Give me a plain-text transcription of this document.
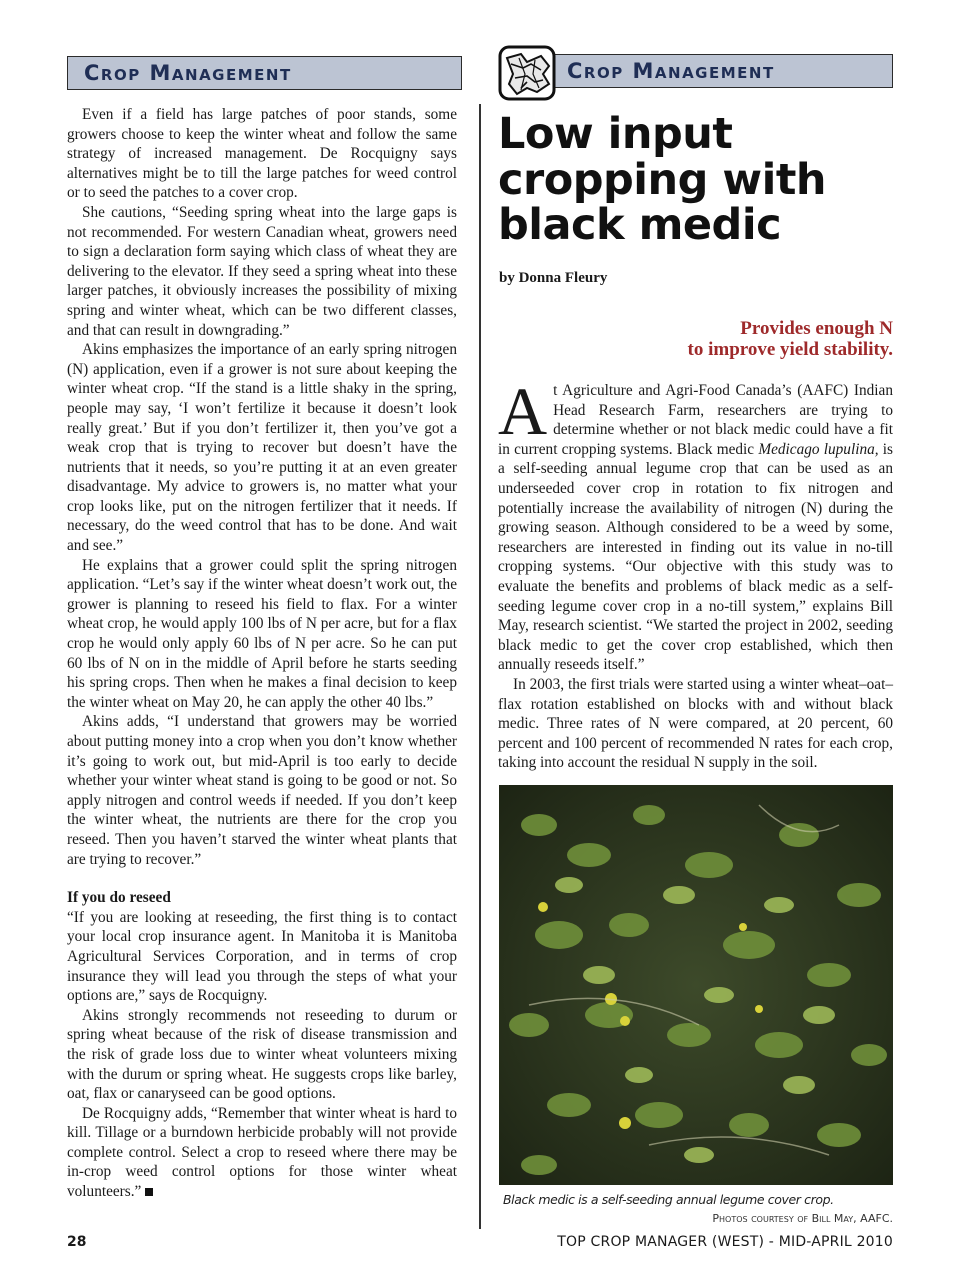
Crop Management	Crop Management

Even if a field has large patches of poor stands, some growers choose to keep the winter wheat and follow the same strategy of increased management. De Rocquigny says alternatives might be to till the large patches for weed control or to seed the patches to a cover crop.

She cautions, “Seeding spring wheat into the large gaps is not recommended. For western Canadian wheat, growers need to sign a declaration form saying which class of wheat they are delivering to the elevator. If they seed a spring wheat into these larger patches, it obviously increases the possibility of mixing spring and winter wheat, which can be two different classes, and that can result in downgrading.”

Akins emphasizes the importance of an early spring nitrogen (N) application, even if a grower is not sure about keeping the winter wheat crop. “If the stand is a little shaky in the spring, people may say, ‘I won’t fertilize it because it doesn’t look really great.’ But if you don’t fertilizer it, then you’ve got a weak crop that is trying to recover but doesn’t have the nutrients that it needs, so you’re putting it at an even greater disadvantage. My advice to growers is, no matter what your crop looks like, put on the nitrogen fertilizer that it needs. If necessary, do the weed control that has to be done. And wait and see.”

He explains that a grower could split the spring nitrogen application. “Let’s say if the winter wheat doesn’t work out, the grower is planning to reseed his field to flax. For a winter wheat crop, he would apply 100 lbs of N per acre, but for a flax crop he would only apply 60 lbs of N per acre. So he can put 60 lbs of N on in the middle of April before he starts seeding his spring crops. Then when he makes a final decision to keep the winter wheat on May 20, he can apply the other 40 lbs.”

Akins adds, “I understand that growers may be worried about putting money into a crop when you don’t know whether it’s going to work out, but mid-April is too early to decide whether your winter wheat stand is going to be good or not. So apply nitrogen and control weeds if needed. If you don’t keep the winter wheat, the nutrients are there for the crop you reseed. Then you haven’t starved the winter wheat plants that are trying to recover.”

If you do reseed

“If you are looking at reseeding, the first thing is to contact your local crop insurance agent. In Manitoba it is Manitoba Agricultural Services Corporation, and in terms of crop insurance they will lead you through the steps of what your options are,” says de Rocquigny.

Akins strongly recommends not reseeding to durum or spring wheat because of the risk of disease transmission and the risk of grade loss due to winter wheat volunteers mixing with the durum or spring wheat. He suggests crops like barley, oat, flax or canaryseed can be good options.

De Rocquigny adds, “Remember that winter wheat is hard to kill. Tillage or a burndown herbicide probably will not provide complete control. Select a crop to reseed where there may be in-crop weed control options for those winter wheat volunteers.”

Low input cropping with black medic
by Donna Fleury
Provides enough N
to improve yield stability.

At Agriculture and Agri-Food Canada’s (AAFC) Indian Head Research Farm, researchers are trying to determine whether or not black medic could have a fit in current cropping systems. Black medic Medicago lupulina, is a self-seeding annual legume crop that can be used as an underseeded cover crop in rotation to fix nitrogen and potentially increase the availability of nitrogen (N) during the growing season. Although considered to be a weed by some, researchers are interested in finding out its value in no-till cropping systems. “Our objective with this study was to evaluate the benefits and problems of black medic as a self-seeding legume cover crop in a no-till system,” explains Bill May, research scientist. “We started the project in 2002, seeding black medic to get the cover crop established, which then annually reseeds itself.”

In 2003, the first trials were started using a winter wheat–oat–flax rotation established on blocks with and without black medic. Three rates of N were compared, at 20 percent, 60 percent and 100 percent of recommended N rates for each crop, taking into account the residual N supply in the soil.

Black medic is a self-seeding annual legume cover crop.
Photos courtesy of Bill May, AAFC.
28	TOP CROP MANAGER (WEST) - MID-APRIL 2010
